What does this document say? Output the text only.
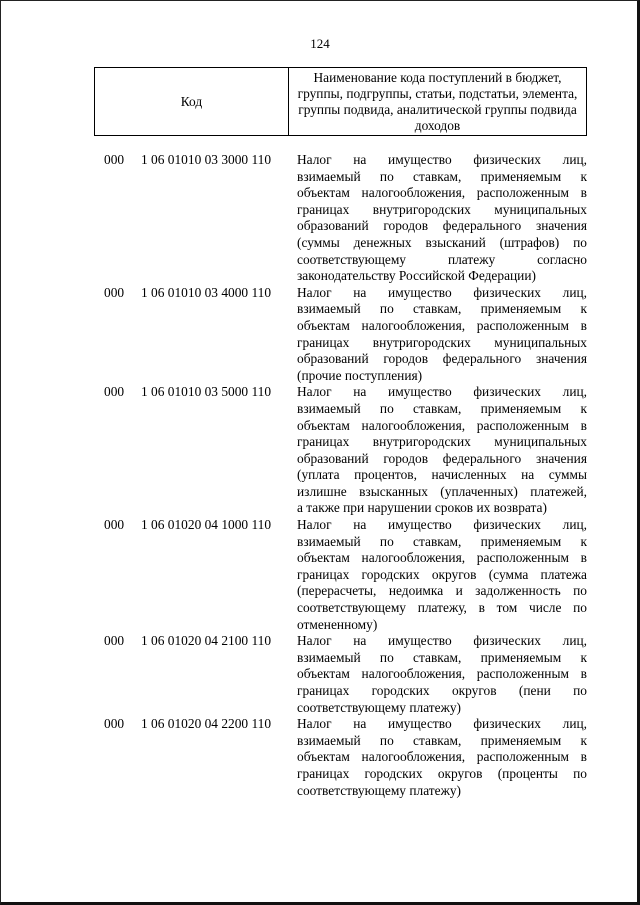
124
Код	Наименование кода поступлений в бюджет, группы, подгруппы, статьи, подстатьи, элемента, группы подвида, аналитической группы подвида доходов
000 1 06 01010 03 3000 110 Налог на имущество физических лиц,
взимаемый по ставкам, применяемым к
объектам налогообложения, расположенным в
границах внутригородских муниципальных
образований городов федерального значения
(суммы денежных взысканий (штрафов) по
соответствующему платежу согласно
законодательству Российской Федерации)
000 1 06 01010 03 4000 110 Налог на имущество физических лиц,
взимаемый по ставкам, применяемым к
объектам налогообложения, расположенным в
границах внутригородских муниципальных
образований городов федерального значения
(прочие поступления)
000 1 06 01010 03 5000 110 Налог на имущество физических лиц,
взимаемый по ставкам, применяемым к
объектам налогообложения, расположенным в
границах внутригородских муниципальных
образований городов федерального значения
(уплата процентов, начисленных на суммы
излишне взысканных (уплаченных) платежей,
а также при нарушении сроков их возврата)
000 1 06 01020 04 1000 110 Налог на имущество физических лиц,
взимаемый по ставкам, применяемым к
объектам налогообложения, расположенным в
границах городских округов (сумма платежа
(перерасчеты, недоимка и задолженность по
соответствующему платежу, в том числе по
отмененному)
000 1 06 01020 04 2100 110 Налог на имущество физических лиц,
взимаемый по ставкам, применяемым к
объектам налогообложения, расположенным в
границах городских округов (пени по
соответствующему платежу)
000 1 06 01020 04 2200 110 Налог на имущество физических лиц,
взимаемый по ставкам, применяемым к
объектам налогообложения, расположенным в
границах городских округов (проценты по
соответствующему платежу)
